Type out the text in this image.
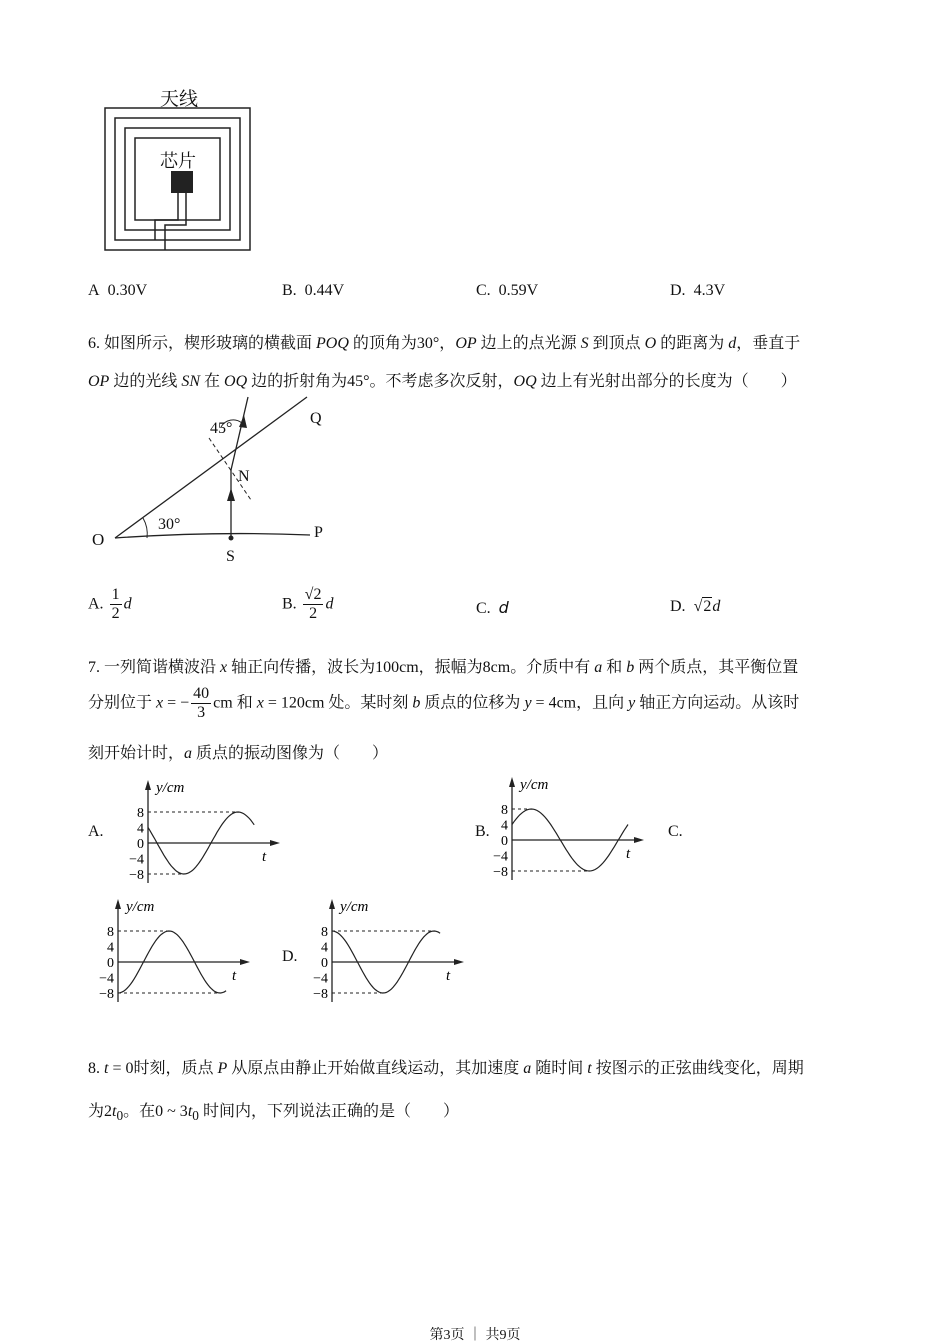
天线
芯片
A 0.30V	B. 0.44V	C. 0.59V	D. 4.3V
6. 如图所示，楔形玻璃的横截面 POQ 的顶角为30°，OP 边上的点光源 S 到顶点 O 的距离为 d，垂直于
OP 边的光线 SN 在 OQ 边的折射角为45°。不考虑多次反射，OQ 边上有光射出部分的长度为（　　）
O	P
Q
S
N
30°
45°
A. $\frac{1}{2}$ d	B. $\frac{√2}{2}$ d	C. d	D. √2d
7. 一列简谐横波沿 x 轴正向传播，波长为100cm，振幅为8cm。介质中有 a 和 b 两个质点，其平衡位置
分别位于 x = − $\frac{40}{3}$ cm 和 x = 120cm 处。某时刻 b 质点的位移为 y = 4cm，且向 y 轴正方向运动。从该时
刻开始计时，a 质点的振动图像为（　　）
A.	B.	C.
D.
y/cm
t
8
4
0
−4
−8
y/cm
t
8
4
0
−4
−8
y/cm
t
8
4
0
−4
−8
y/cm
t
8
4
0
−4
−8
8. t = 0时刻，质点 P 从原点由静止开始做直线运动，其加速度 a 随时间 t 按图示的正弦曲线变化，周期
为$2t_0$。在0 ~ $3t_0$ 时间内，下列说法正确的是（　　）
第3页 ｜ 共9页
